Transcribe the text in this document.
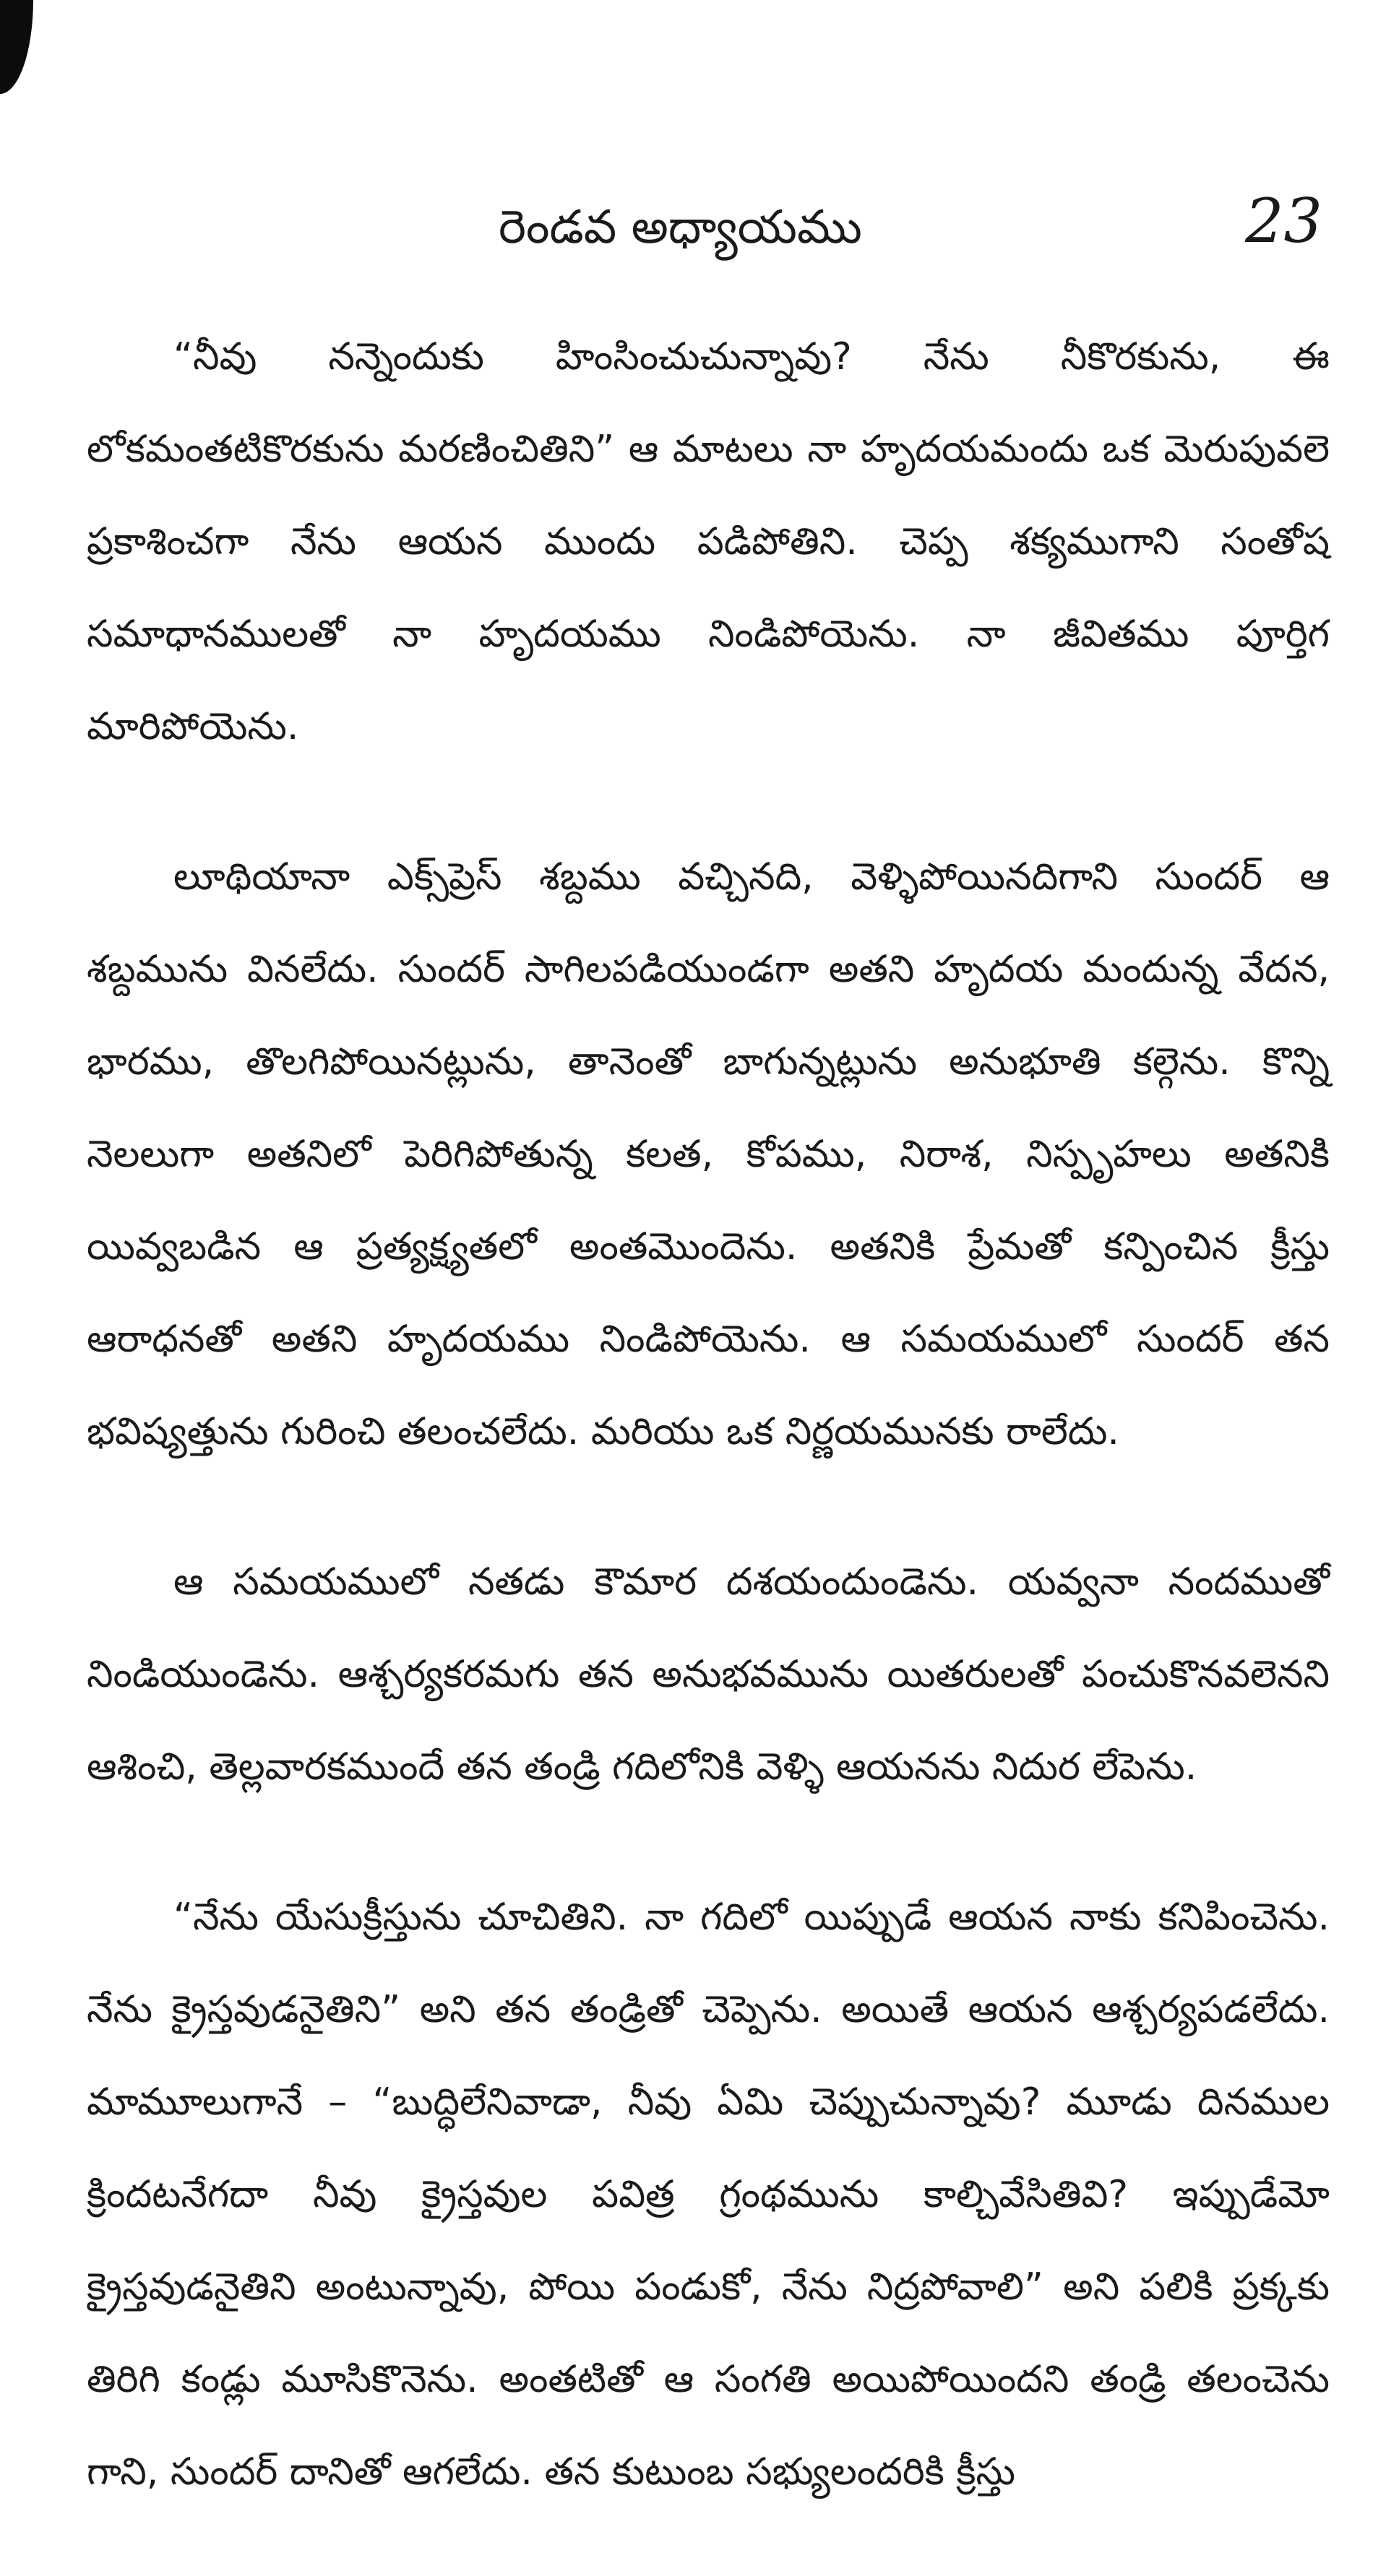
రెండవ అధ్యాయము	23

“నీవు నన్నెందుకు హింసించుచున్నావు? నేను నీకొరకును, ఈ లోకమంతటికొరకును మరణించితిని” ఆ మాటలు నా హృదయమందు ఒక మెరుపువలె ప్రకాశించగా నేను ఆయన ముందు పడిపోతిని. చెప్ప శక్యముగాని సంతోష సమాధానములతో నా హృదయము నిండిపోయెను. నా జీవితము పూర్తిగ మారిపోయెను.

లూథియానా ఎక్స్‌ప్రెస్ శబ్దము వచ్చినది, వెళ్ళిపోయినదిగాని సుందర్ ఆ శబ్దమును వినలేదు. సుందర్ సాగిలపడియుండగా అతని హృదయ మందున్న వేదన, భారము, తొలగిపోయినట్లును, తానెంతో బాగున్నట్లును అనుభూతి కల్గెను. కొన్ని నెలలుగా అతనిలో పెరిగిపోతున్న కలత, కోపము, నిరాశ, నిస్పృహలు అతనికి యివ్వబడిన ఆ ప్రత్యక్ష్యతలో అంతమొందెను. అతనికి ప్రేమతో కన్పించిన క్రీస్తు ఆరాధనతో అతని హృదయము నిండిపోయెను. ఆ సమయములో సుందర్ తన భవిష్యత్తును గురించి తలంచలేదు. మరియు ఒక నిర్ణయమునకు రాలేదు.

ఆ సమయములో నతడు కౌమార దశయందుండెను. యవ్వనా నందముతో నిండియుండెను. ఆశ్చర్యకరమగు తన అనుభవమును యితరులతో పంచుకొనవలెనని ఆశించి, తెల్లవారకముందే తన తండ్రి గదిలోనికి వెళ్ళి ఆయనను నిదుర లేపెను.

“నేను యేసుక్రీస్తును చూచితిని. నా గదిలో యిప్పుడే ఆయన నాకు కనిపించెను. నేను క్రైస్తవుడనైతిని” అని తన తండ్రితో చెప్పెను. అయితే ఆయన ఆశ్చర్యపడలేదు. మామూలుగానే – “బుద్ధిలేనివాడా, నీవు ఏమి చెప్పుచున్నావు? మూడు దినముల క్రిందటనేగదా నీవు క్రైస్తవుల పవిత్ర గ్రంథమును కాల్చివేసితివి? ఇప్పుడేమో క్రైస్తవుడనైతిని అంటున్నావు, పోయి పండుకో, నేను నిద్రపోవాలి” అని పలికి ప్రక్కకు తిరిగి కండ్లు మూసికొనెను. అంతటితో ఆ సంగతి అయిపోయిందని తండ్రి తలంచెను గాని, సుందర్ దానితో ఆగలేదు. తన కుటుంబ సభ్యులందరికి క్రీస్తు
